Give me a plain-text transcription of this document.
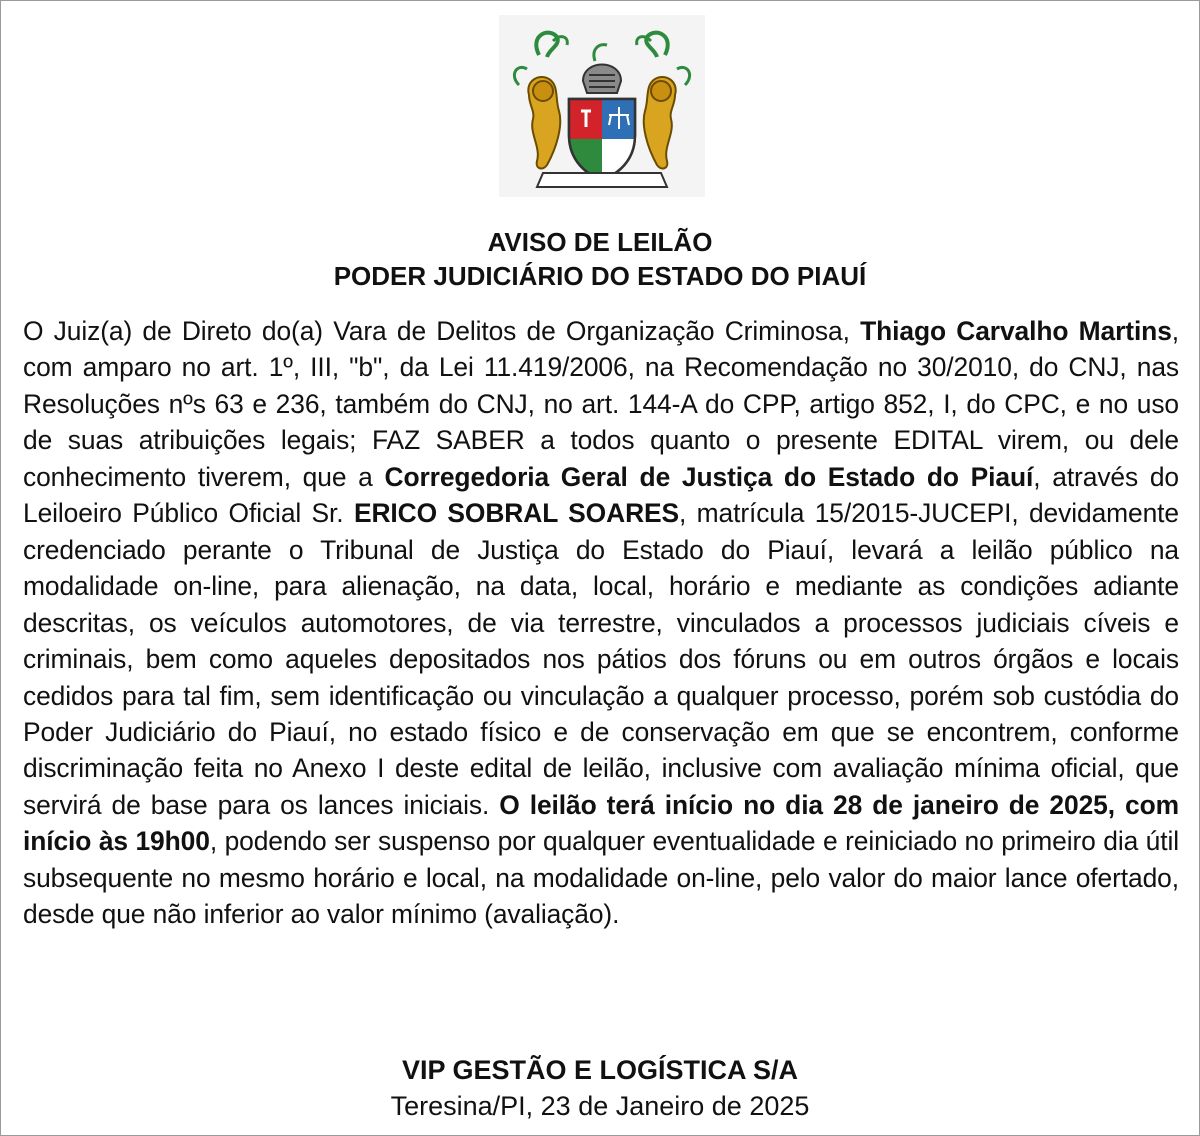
AVISO DE LEILÃO
PODER JUDICIÁRIO DO ESTADO DO PIAUÍ

O Juiz(a) de Direto do(a) Vara de Delitos de Organização Criminosa, Thiago Carvalho Martins, com amparo no art. 1º, III, "b", da Lei 11.419/2006, na Recomendação no 30/2010, do CNJ, nas Resoluções nºs 63 e 236, também do CNJ, no art. 144-A do CPP, artigo 852, I, do CPC, e no uso de suas atribuições legais; FAZ SABER a todos quanto o presente EDITAL virem, ou dele conhecimento tiverem, que a Corregedoria Geral de Justiça do Estado do Piauí, através do Leiloeiro Público Oficial Sr. ERICO SOBRAL SOARES, matrícula 15/2015-JUCEPI, devidamente credenciado perante o Tribunal de Justiça do Estado do Piauí, levará a leilão público na modalidade on-line, para alienação, na data, local, horário e mediante as condições adiante descritas, os veículos automotores, de via terrestre, vinculados a processos judiciais cíveis e criminais, bem como aqueles depositados nos pátios dos fóruns ou em outros órgãos e locais cedidos para tal fim, sem identificação ou vinculação a qualquer processo, porém sob custódia do Poder Judiciário do Piauí, no estado físico e de conservação em que se encontrem, conforme discriminação feita no Anexo I deste edital de leilão, inclusive com avaliação mínima oficial, que servirá de base para os lances iniciais. O leilão terá início no dia 28 de janeiro de 2025, com início às 19h00, podendo ser suspenso por qualquer eventualidade e reiniciado no primeiro dia útil subsequente no mesmo horário e local, na modalidade on-line, pelo valor do maior lance ofertado, desde que não inferior ao valor mínimo (avaliação).

VIP GESTÃO E LOGÍSTICA S/A

Teresina/PI, 23 de Janeiro de 2025
